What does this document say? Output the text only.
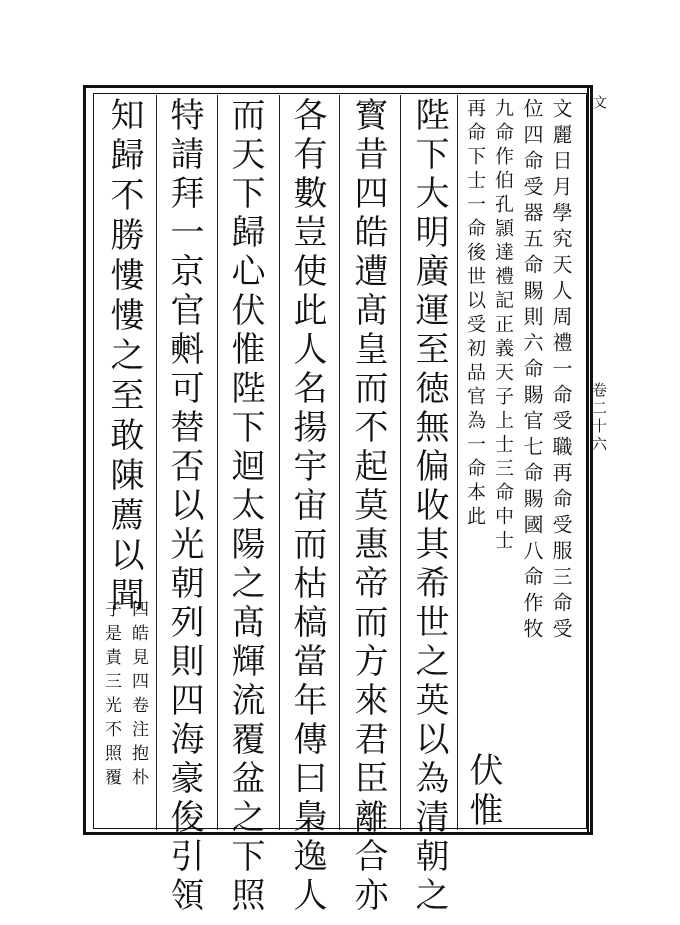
文
卷二十六
文麗日月學究天人周禮一命受職再命受服三命受
位四命受器五命賜則六命賜官七命賜國八命作牧
九命作伯孔頴達禮記正義天子上士三命中士
再命下士一命後世以受初品官為一命本此
伏惟
陛下大明廣運至徳無偏收其希世之英以為清朝之
寳昔四皓遭髙皇而不起莫惠帝而方來君臣離合亦
各有數豈使此人名揚宇宙而枯槁當年傳曰梟逸人
而天下歸心伏惟陛下迴太陽之髙輝流覆盆之下照
特請拜一京官㪺可替否以光朝列則四海豪俊引領
知歸不勝慺慺之至敢陳薦以聞
四皓見四卷注抱朴
子是責三光不照覆
